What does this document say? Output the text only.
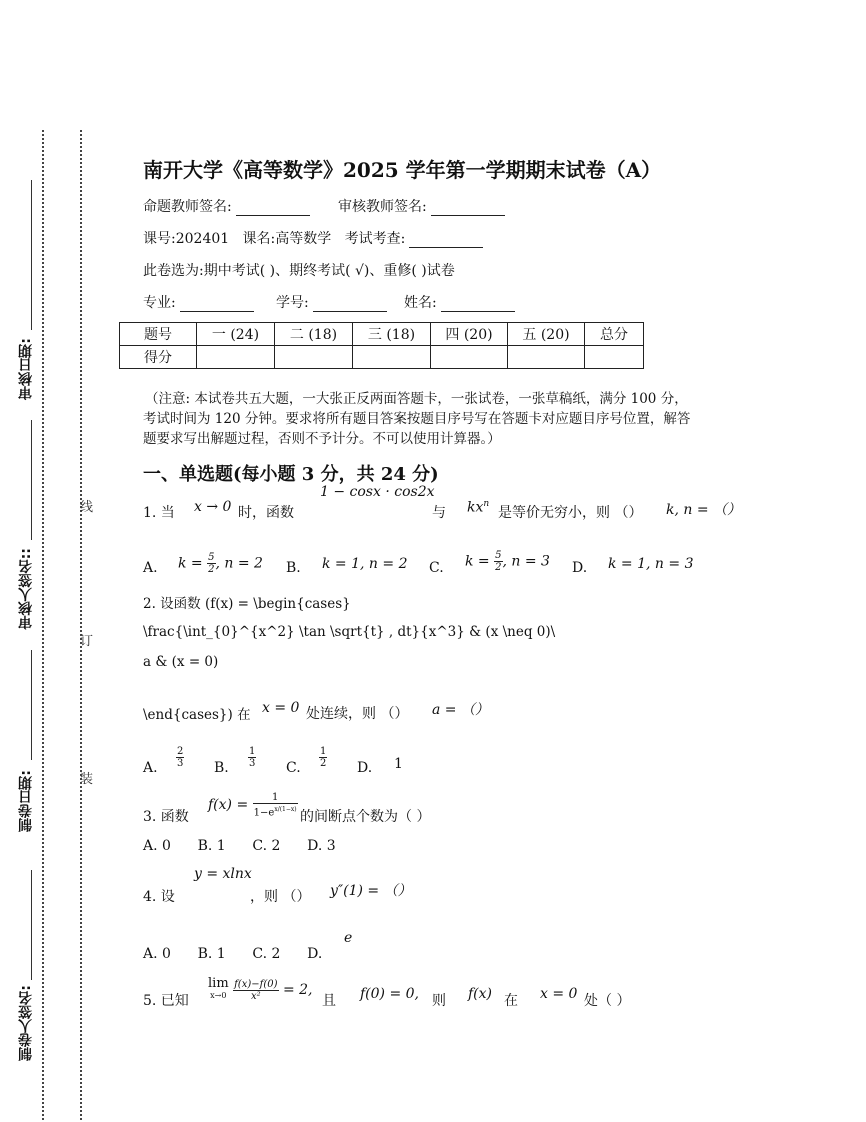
审核日期:
审核人签名::
制卷日期:
制卷人签名:
线
订
装
南开大学《高等数学》2025 学年第一学期期末试卷（A）
命题教师签名:	审核教师签名:
课号:202401   课名:高等数学   考试考查:
此卷选为:期中考试( )、期终考试( √)、重修( )试卷
专业:	学号:	姓名:
题号	一 (24)	二 (18)	三 (18)	四 (20)	五 (20)	总分
得分						
（注意: 本试卷共五大题，一大张正反两面答题卡，一张试卷，一张草稿纸，满分 100 分，
考试时间为 120 分钟。要求将所有题目答案按题目序号写在答题卡对应题目序号位置，解答
题要求写出解题过程，否则不予计分。不可以使用计算器。）
一、单选题(每小题 3 分，共 24 分)
1. 当 x → 0 时，函数
1 − cosx · cos2x
与 $kx^n$
是等价无穷小，则 （） k, n = （）
A. $k = \frac{5}{2}$ , n = 2 B. k = 1, n = 2 C. $k = \frac{5}{2}$ , n = 3 D. k = 1, n = 3
2. 设函数 (f(x) = \begin{cases}
\frac{\int_{0}^{x^2} \tan \sqrt{t} , dt}{x^3} & (x \neq 0)\
a & (x = 0)
\end{cases}) 在 x = 0 处连续，则 （） a = （）
A. $\frac{2}{3} B$. $\frac{1}{3} C$. $\frac{1}{2} D$. 1
3. 函数
$f(x) = \frac{1}{1-e^{x/(1-x)}}$ 的间断点个数为（ ）
A. 0      B. 1      C. 2      D. 3
y = xlnx
4. 设	，则 （） y″(1) = （）
A. 0      B. 1      C. 2      D.
e
5. 已知
lim
x→0
$\frac{f(x)-f(0)}{\text{x²}} = 2$,
且 f(0) = 0, 则 f(x) 在 x = 0 处（ ）
